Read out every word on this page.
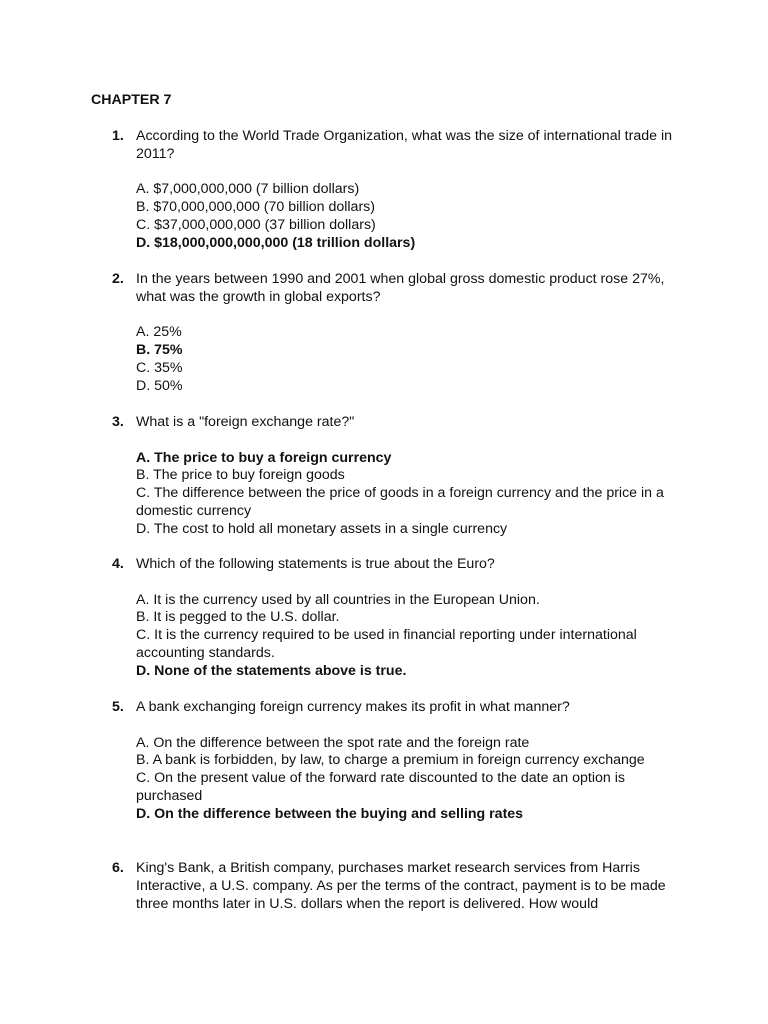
CHAPTER 7
1. According to the World Trade Organization, what was the size of international trade in 2011?

A. $7,000,000,000 (7 billion dollars)

B. $70,000,000,000 (70 billion dollars)

C. $37,000,000,000 (37 billion dollars)

D. $18,000,000,000,000 (18 trillion dollars)

2. In the years between 1990 and 2001 when global gross domestic product rose 27%, what was the growth in global exports?

A. 25%

B. 75%

C. 35%

D. 50%

3. What is a "foreign exchange rate?"

A. The price to buy a foreign currency

B. The price to buy foreign goods

C. The difference between the price of goods in a foreign currency and the price in a domestic currency

D. The cost to hold all monetary assets in a single currency

4. Which of the following statements is true about the Euro?

A. It is the currency used by all countries in the European Union.

B. It is pegged to the U.S. dollar.

C. It is the currency required to be used in financial reporting under international accounting standards.

D. None of the statements above is true.

5. A bank exchanging foreign currency makes its profit in what manner?

A. On the difference between the spot rate and the foreign rate

B. A bank is forbidden, by law, to charge a premium in foreign currency exchange

C. On the present value of the forward rate discounted to the date an option is purchased

D. On the difference between the buying and selling rates

6. King's Bank, a British company, purchases market research services from Harris Interactive, a U.S. company. As per the terms of the contract, payment is to be made three months later in U.S. dollars when the report is delivered. How would
